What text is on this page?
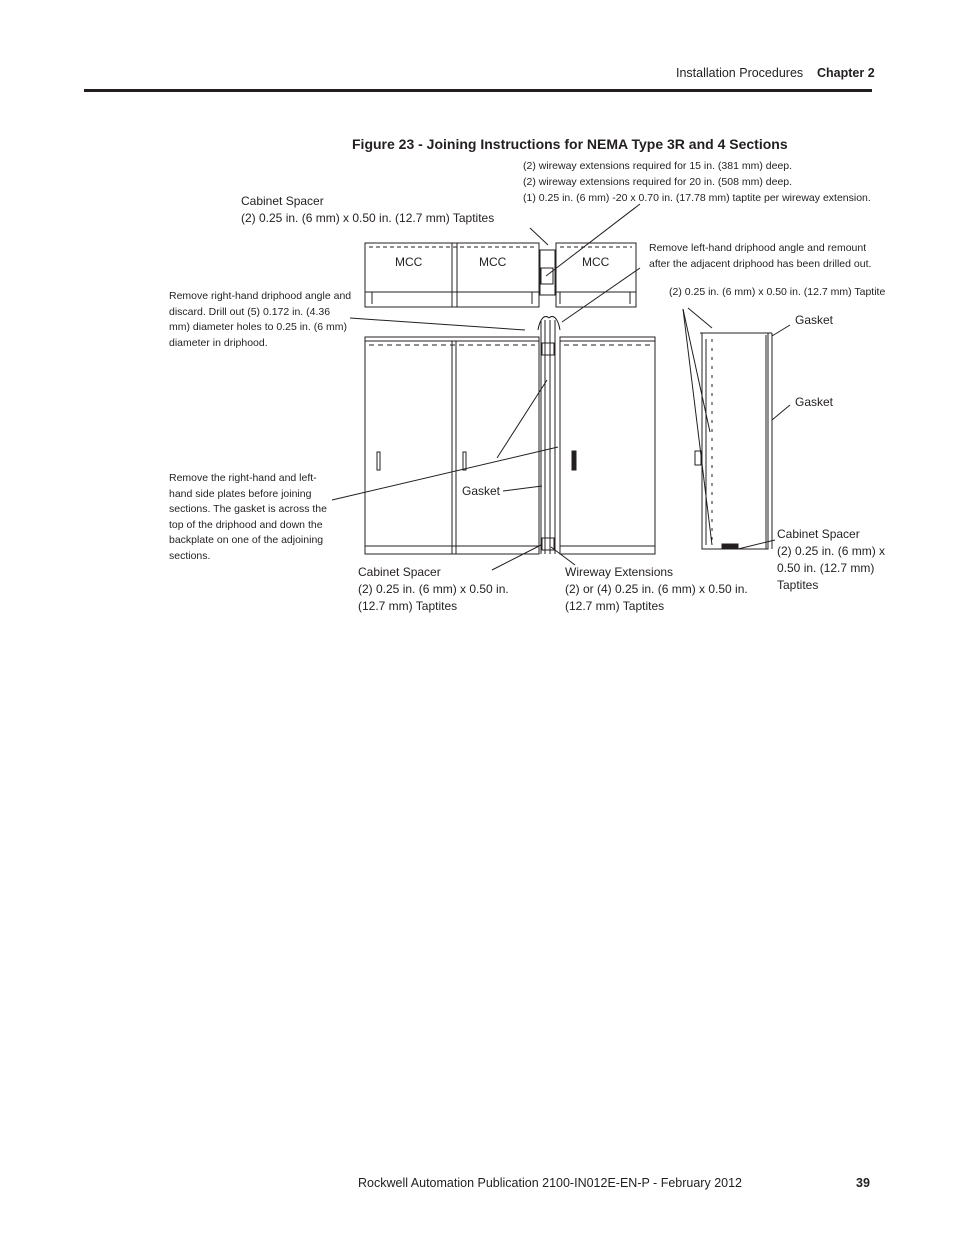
Installation Procedures Chapter 2
Figure 23 - Joining Instructions for NEMA Type 3R and 4 Sections
MCC	MCC	MCC
(2) wireway extensions required for 15 in. (381 mm) deep.
(2) wireway extensions required for 20 in. (508 mm) deep.
(1) 0.25 in. (6 mm) -20 x 0.70 in. (17.78 mm) taptite per wireway extension.
Cabinet Spacer
(2) 0.25 in. (6 mm) x 0.50 in. (12.7 mm) Taptites
Remove left-hand driphood angle and remount
after the adjacent driphood has been drilled out.
(2) 0.25 in. (6 mm) x 0.50 in. (12.7 mm) Taptite
Remove right-hand driphood angle and
discard. Drill out (5) 0.172 in. (4.36
mm) diameter holes to 0.25 in. (6 mm)
diameter in driphood.
Gasket
Gasket
Gasket
Remove the right-hand and left-
hand side plates before joining
sections. The gasket is across the
top of the driphood and down the
backplate on one of the adjoining
sections.
Cabinet Spacer
(2) 0.25 in. (6 mm) x 0.50 in.
(12.7 mm) Taptites
Wireway Extensions
(2) or (4) 0.25 in. (6 mm) x 0.50 in.
(12.7 mm) Taptites
Cabinet Spacer
(2) 0.25 in. (6 mm) x
0.50 in. (12.7 mm)
Taptites
Rockwell Automation Publication 2100-IN012E-EN-P - February 2012	39
